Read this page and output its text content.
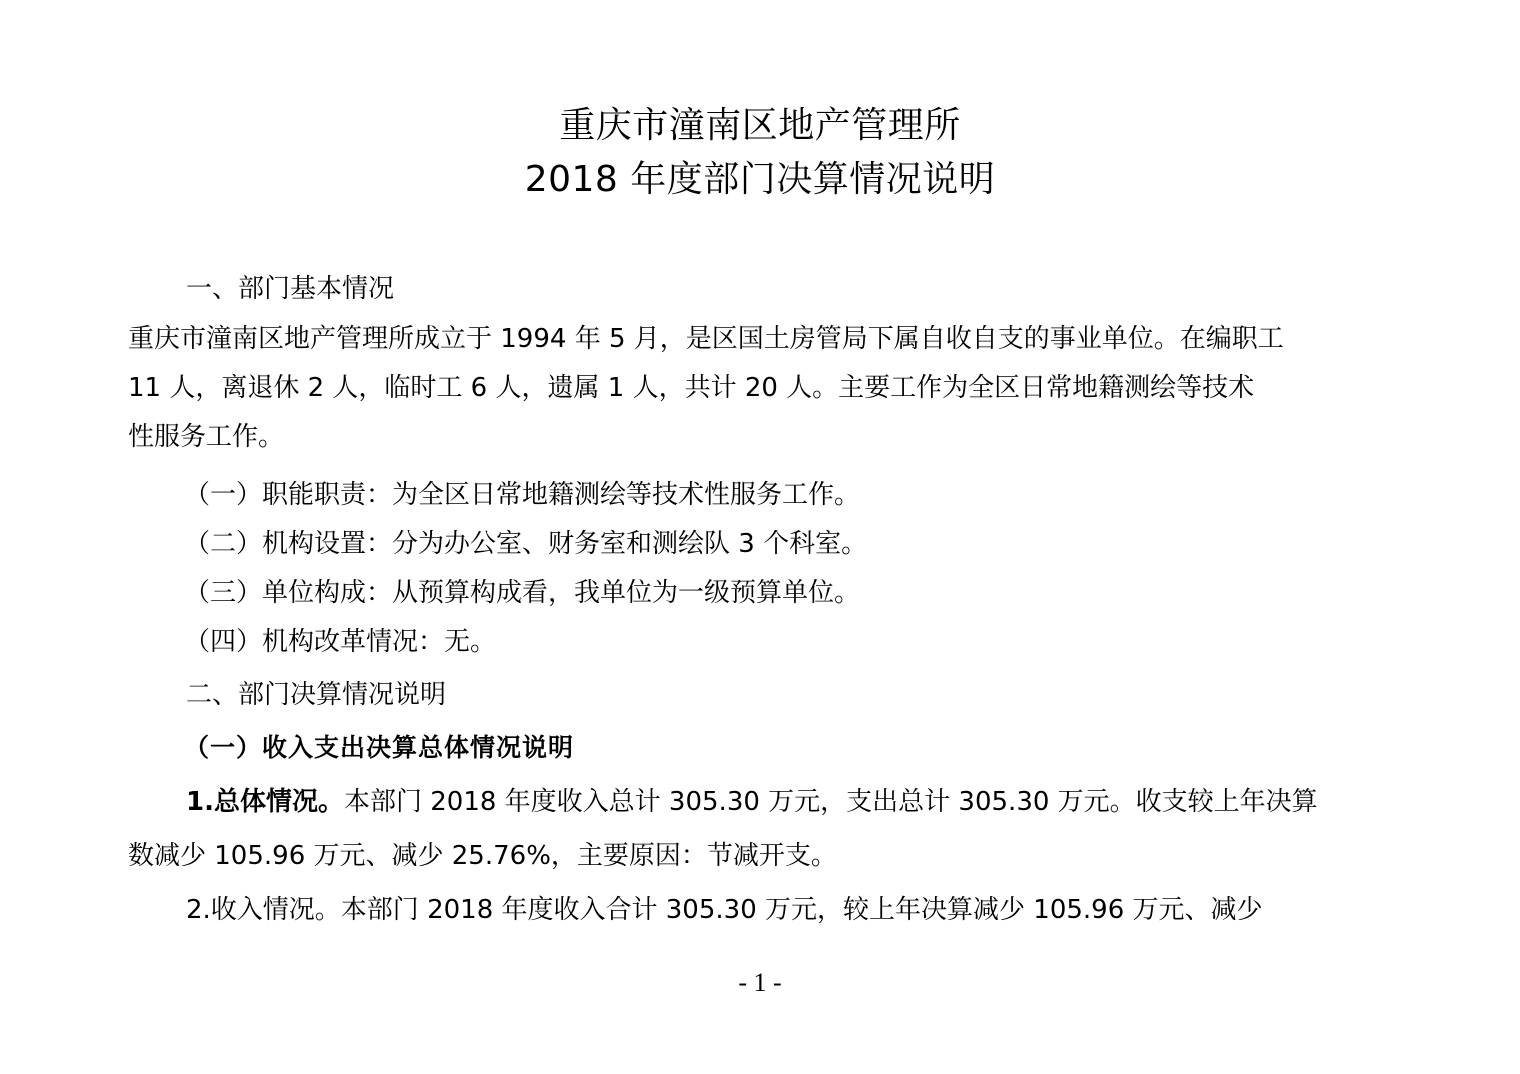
重庆市潼南区地产管理所
2018 年度部门决算情况说明
一、部门基本情况
重庆市潼南区地产管理所成立于 1994 年 5 月，是区国土房管局下属自收自支的事业单位。在编职工
11 人，离退休 2 人，临时工 6 人，遗属 1 人，共计 20 人。主要工作为全区日常地籍测绘等技术
性服务工作。
（一）职能职责：为全区日常地籍测绘等技术性服务工作。
（二）机构设置：分为办公室、财务室和测绘队 3 个科室。
（三）单位构成：从预算构成看，我单位为一级预算单位。
（四）机构改革情况：无。
二、部门决算情况说明
（一）收入支出决算总体情况说明
1.总体情况。本部门 2018 年度收入总计 305.30 万元，支出总计 305.30 万元。收支较上年决算
数减少 105.96 万元、减少 25.76%，主要原因：节减开支。
2.收入情况。本部门 2018 年度收入合计 305.30 万元，较上年决算减少 105.96 万元、减少
- 1 -
